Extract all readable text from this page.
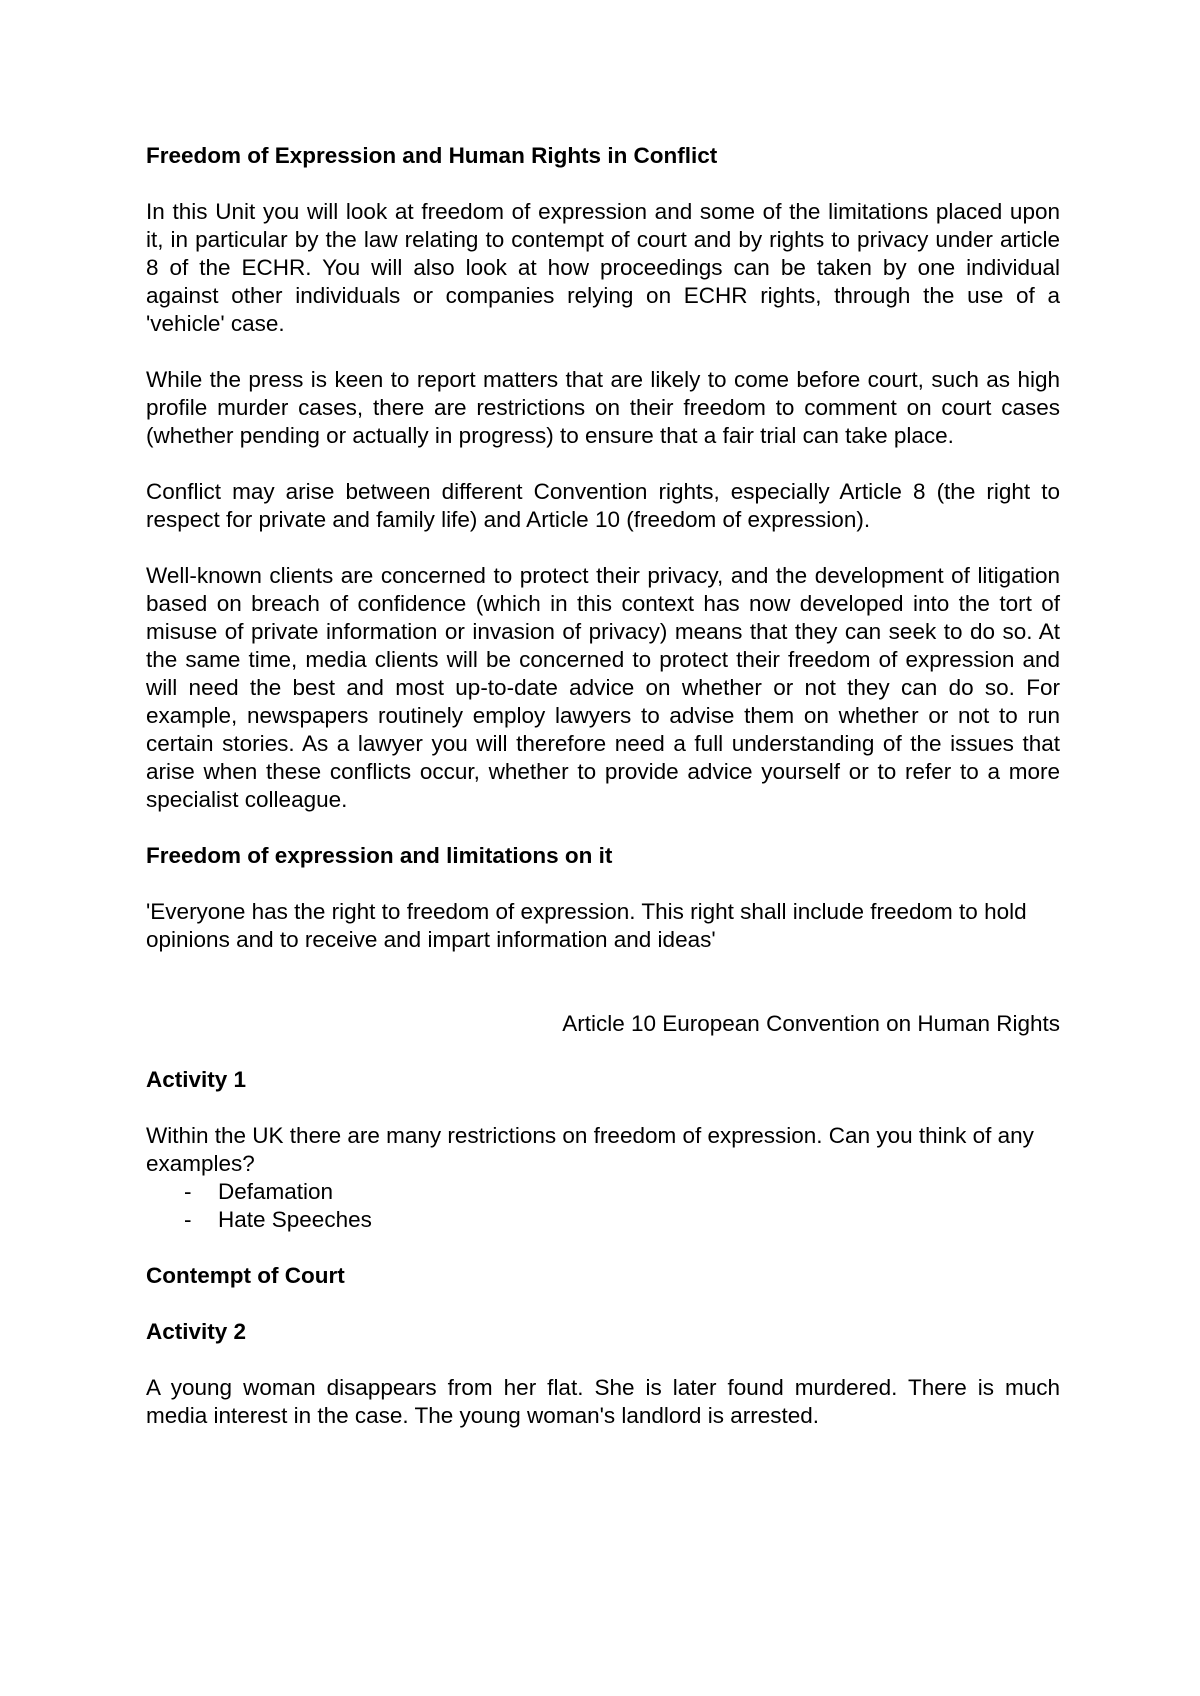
Freedom of Expression and Human Rights in Conflict

In this Unit you will look at freedom of expression and some of the limitations placed upon it, in particular by the law relating to contempt of court and by rights to privacy under article 8 of the ECHR. You will also look at how proceedings can be taken by one individual against other individuals or companies relying on ECHR rights, through the use of a 'vehicle' case.

While the press is keen to report matters that are likely to come before court, such as high profile murder cases, there are restrictions on their freedom to comment on court cases (whether pending or actually in progress) to ensure that a fair trial can take place.

Conflict may arise between different Convention rights, especially Article 8 (the right to respect for private and family life) and Article 10 (freedom of expression).

Well-known clients are concerned to protect their privacy, and the development of litigation based on breach of confidence (which in this context has now developed into the tort of misuse of private information or invasion of privacy) means that they can seek to do so. At the same time, media clients will be concerned to protect their freedom of expression and will need the best and most up-to-date advice on whether or not they can do so. For example, newspapers routinely employ lawyers to advise them on whether or not to run certain stories. As a lawyer you will therefore need a full understanding of the issues that arise when these conflicts occur, whether to provide advice yourself or to refer to a more specialist colleague.

Freedom of expression and limitations on it

'Everyone has the right to freedom of expression. This right shall include freedom to hold opinions and to receive and impart information and ideas'

Article 10 European Convention on Human Rights

Activity 1

Within the UK there are many restrictions on freedom of expression. Can you think of any examples?

- Defamation
- Hate Speeches
Contempt of Court
Activity 2

A young woman disappears from her flat. She is later found murdered. There is much media interest in the case. The young woman's landlord is arrested.
